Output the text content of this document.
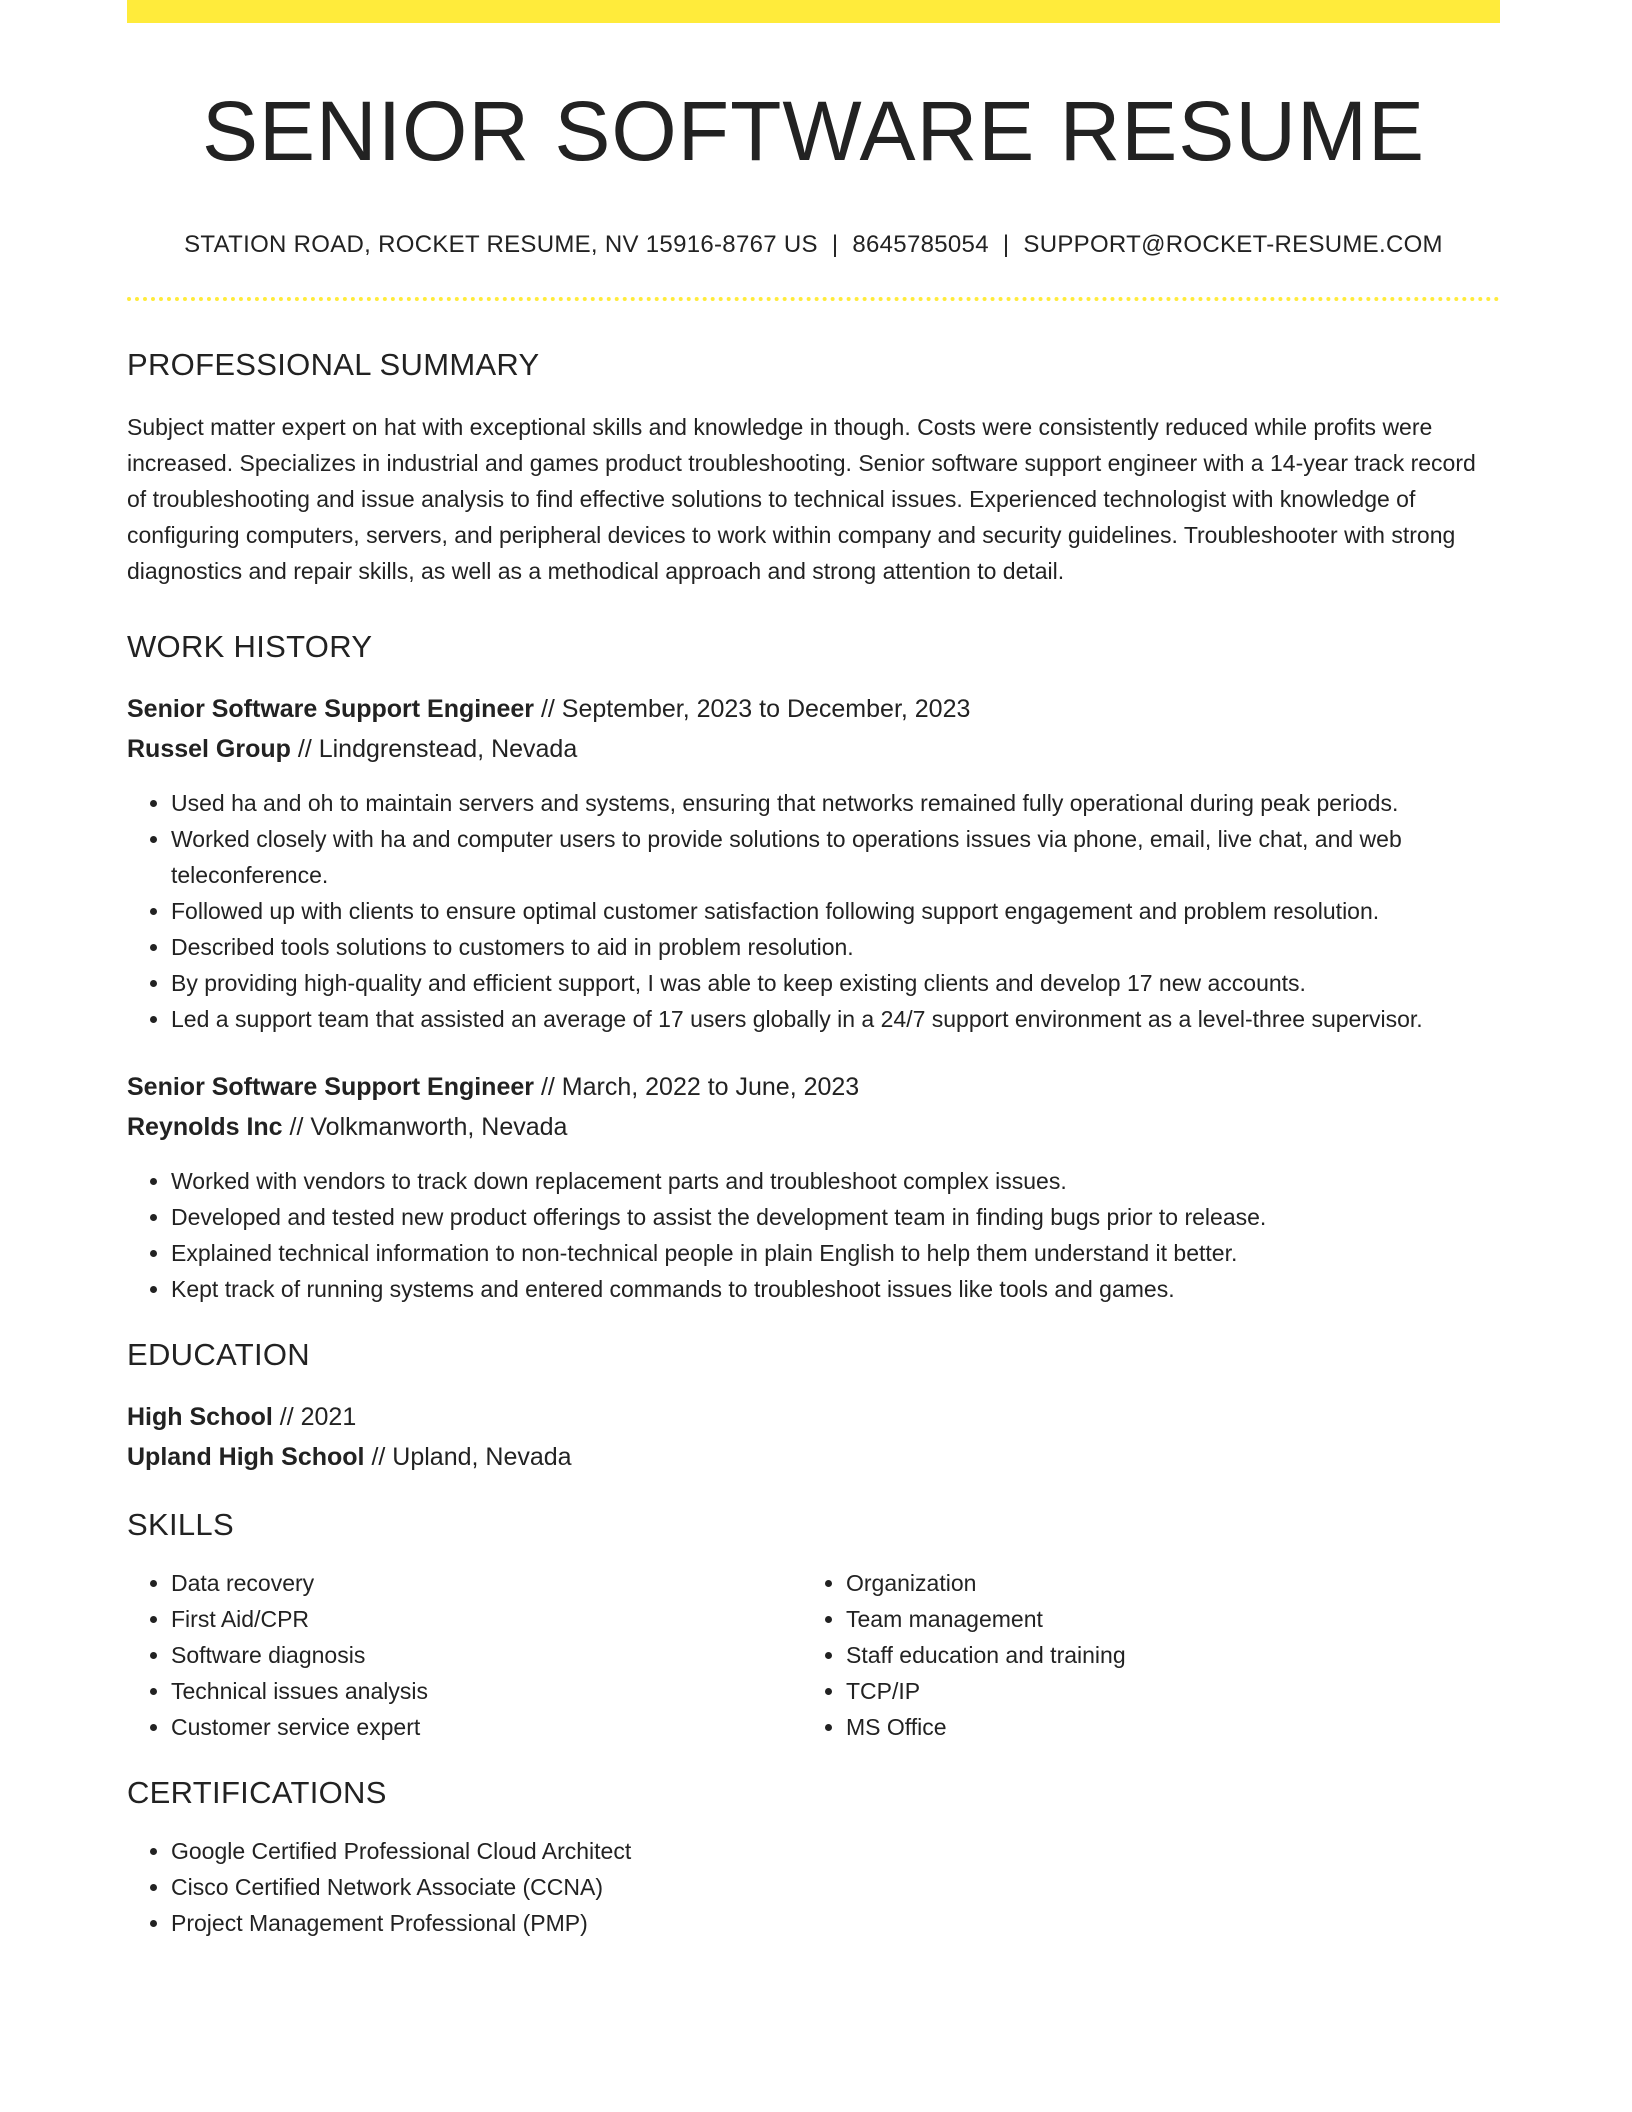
SENIOR SOFTWARE RESUME
STATION ROAD, ROCKET RESUME, NV 15916-8767 US | 8645785054 | SUPPORT@ROCKET-RESUME.COM
PROFESSIONAL SUMMARY

Subject matter expert on hat with exceptional skills and knowledge in though. Costs were consistently reduced while profits were increased. Specializes in industrial and games product troubleshooting. Senior software support engineer with a 14-year track record of troubleshooting and issue analysis to find effective solutions to technical issues. Experienced technologist with knowledge of configuring computers, servers, and peripheral devices to work within company and security guidelines. Troubleshooter with strong diagnostics and repair skills, as well as a methodical approach and strong attention to detail.

WORK HISTORY
Senior Software Support Engineer // September, 2023 to December, 2023
Russel Group // Lindgrenstead, Nevada
• Used ha and oh to maintain servers and systems, ensuring that networks remained fully operational during peak periods.
• Worked closely with ha and computer users to provide solutions to operations issues via phone, email, live chat, and web teleconference.
• Followed up with clients to ensure optimal customer satisfaction following support engagement and problem resolution.
• Described tools solutions to customers to aid in problem resolution.
• By providing high-quality and efficient support, I was able to keep existing clients and develop 17 new accounts.
• Led a support team that assisted an average of 17 users globally in a 24/7 support environment as a level-three supervisor.
Senior Software Support Engineer // March, 2022 to June, 2023
Reynolds Inc // Volkmanworth, Nevada
• Worked with vendors to track down replacement parts and troubleshoot complex issues.
• Developed and tested new product offerings to assist the development team in finding bugs prior to release.
• Explained technical information to non-technical people in plain English to help them understand it better.
• Kept track of running systems and entered commands to troubleshoot issues like tools and games.
EDUCATION
High School // 2021
Upland High School // Upland, Nevada
SKILLS
• Data recovery
• First Aid/CPR
• Software diagnosis
• Technical issues analysis
• Customer service expert
• Organization
• Team management
• Staff education and training
• TCP/IP
• MS Office
CERTIFICATIONS
• Google Certified Professional Cloud Architect
• Cisco Certified Network Associate (CCNA)
• Project Management Professional (PMP)
